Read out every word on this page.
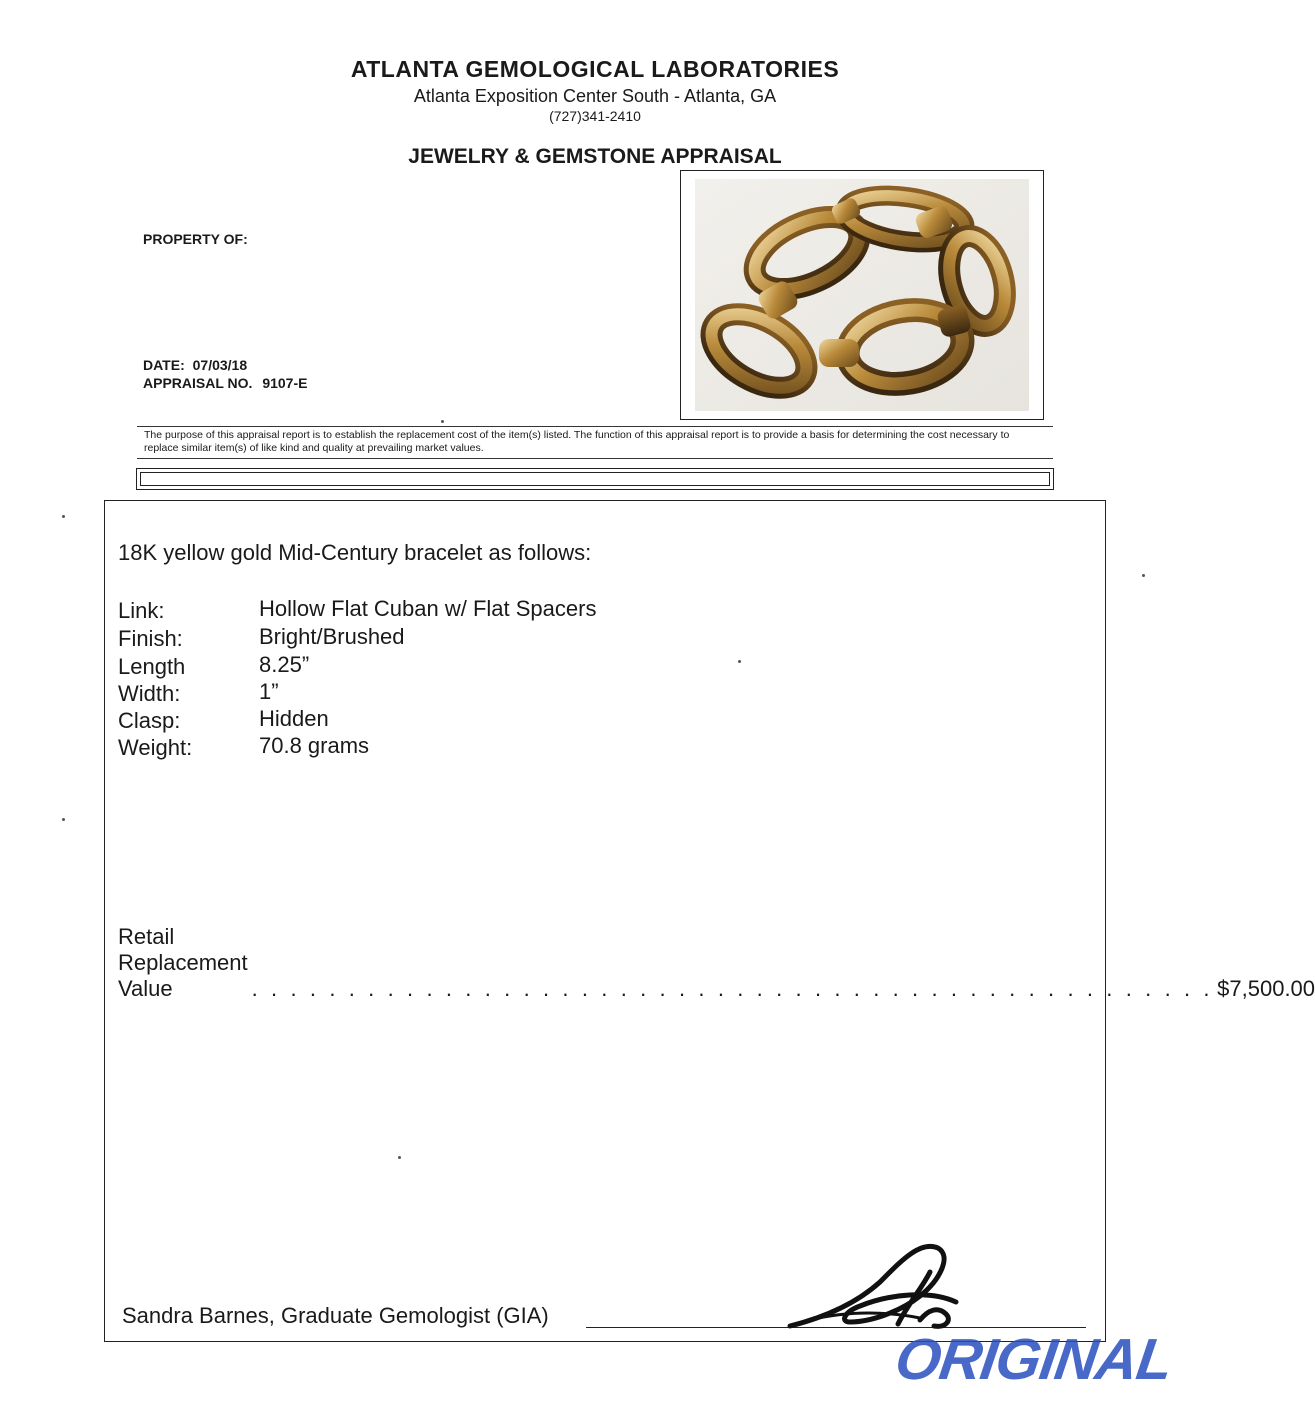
ATLANTA GEMOLOGICAL LABORATORIES
Atlanta Exposition Center South - Atlanta, GA
(727)341-2410
JEWELRY & GEMSTONE APPRAISAL
PROPERTY OF:
DATE: 07/03/18
APPRAISAL NO. 9107-E
The purpose of this appraisal report is to establish the replacement cost of the item(s) listed. The function of this appraisal report is to provide a basis for determining the cost necessary to replace similar item(s) of like kind and quality at prevailing market values.
18K yellow gold Mid-Century bracelet as follows:
Link:	Hollow Flat Cuban w/ Flat Spacers
Finish:	Bright/Brushed
Length	8.25”
Width:	1”
Clasp:	Hidden
Weight:	70.8 grams
Retail Replacement Value	. . . . . . . . . . . . . . . . . . . . . . . . . . . . . . . . . . . . . . . . . . . . . . . . . . $7,500.00
Sandra Barnes, Graduate Gemologist (GIA)
ORIGINAL
